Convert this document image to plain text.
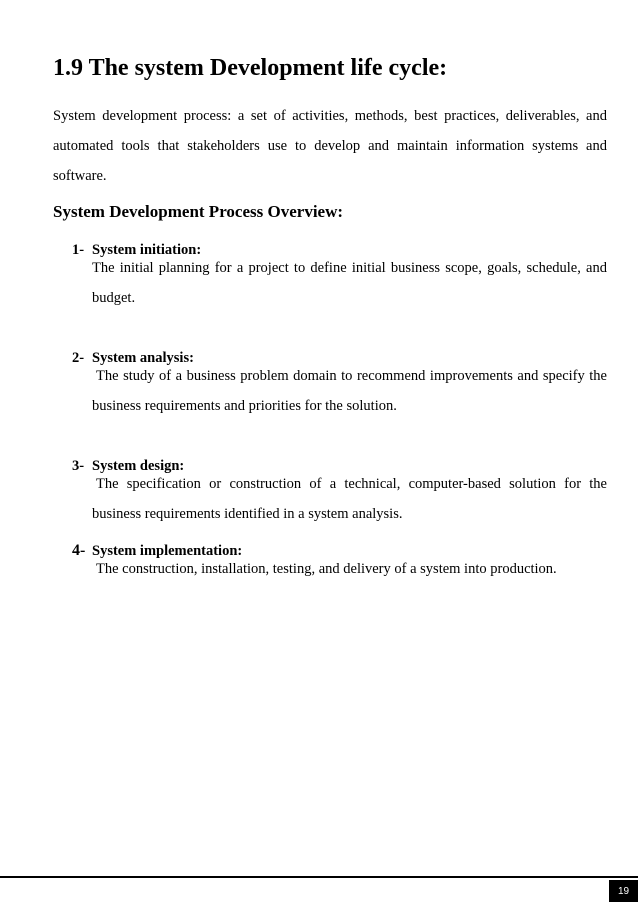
1.9 The system Development life cycle:

System development process: a set of activities, methods, best practices, deliverables, and automated tools that stakeholders use to develop and maintain information systems and software.

System Development Process Overview:
1- System initiation:
The initial planning for a project to define initial business scope, goals, schedule, and budget.
2- System analysis:
The study of a business problem domain to recommend improvements and specify the business requirements and priorities for the solution.
3- System design:
The specification or construction of a technical, computer-based solution for the business requirements identified in a system analysis.
4- System implementation:
The construction, installation, testing, and delivery of a system into production.
19
